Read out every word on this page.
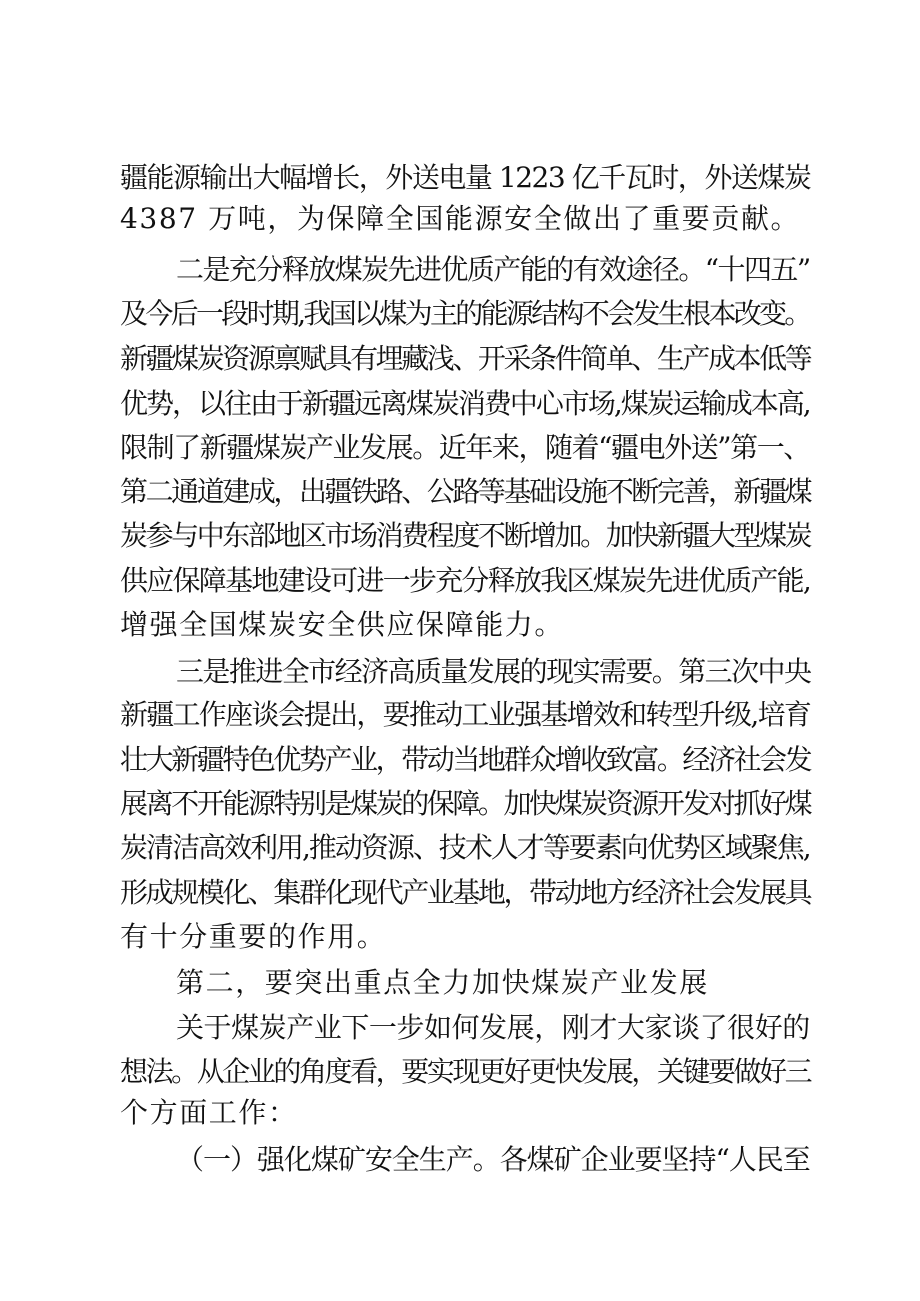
疆能源输出大幅增长，外送电量 1223 亿千瓦时，外送煤炭
4387 万吨，为保障全国能源安全做出了重要贡献。
二是充分释放煤炭先进优质产能的有效途径。“十四五”
及今后一段时期,我国以煤为主的能源结构不会发生根本改变。
新疆煤炭资源禀赋具有埋藏浅、开采条件简单、生产成本低等
优势，以往由于新疆远离煤炭消费中心市场,煤炭运输成本高,
限制了新疆煤炭产业发展。近年来，随着“疆电外送”第一、
第二通道建成，出疆铁路、公路等基础设施不断完善，新疆煤
炭参与中东部地区市场消费程度不断增加。加快新疆大型煤炭
供应保障基地建设可进一步充分释放我区煤炭先进优质产能,
增强全国煤炭安全供应保障能力。
三是推进全市经济高质量发展的现实需要。第三次中央
新疆工作座谈会提出，要推动工业强基增效和转型升级,培育
壮大新疆特色优势产业，带动当地群众增收致富。经济社会发
展离不开能源特别是煤炭的保障。加快煤炭资源开发对抓好煤
炭清洁高效利用,推动资源、技术人才等要素向优势区域聚焦,
形成规模化、集群化现代产业基地，带动地方经济社会发展具
有十分重要的作用。
第二，要突出重点全力加快煤炭产业发展
关于煤炭产业下一步如何发展，刚才大家谈了很好的
想法。从企业的角度看，要实现更好更快发展，关键要做好三
个方面工作：
（一）强化煤矿安全生产。各煤矿企业要坚持“人民至
